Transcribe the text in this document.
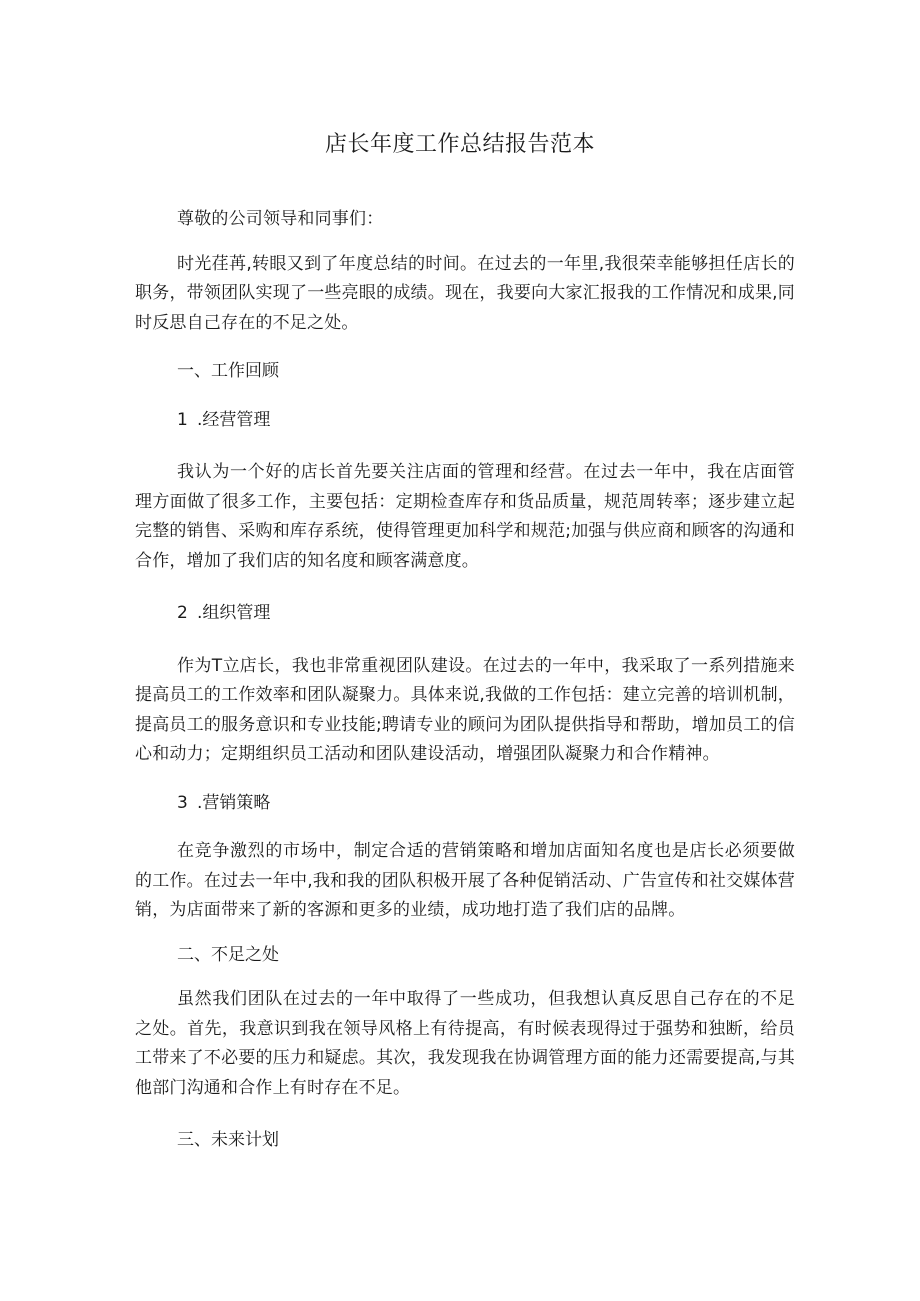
店长年度工作总结报告范本

尊敬的公司领导和同事们：

时光荏苒,转眼又到了年度总结的时间。在过去的一年里,我很荣幸能够担任店长的职务，带领团队实现了一些亮眼的成绩。现在，我要向大家汇报我的工作情况和成果,同时反思自己存在的不足之处。

一、工作回顾

1 .经营管理

我认为一个好的店长首先要关注店面的管理和经营。在过去一年中，我在店面管理方面做了很多工作，主要包括：定期检查库存和货品质量，规范周转率；逐步建立起完整的销售、采购和库存系统，使得管理更加科学和规范;加强与供应商和顾客的沟通和合作，增加了我们店的知名度和顾客满意度。

2 .组织管理

作为T立店长，我也非常重视团队建设。在过去的一年中，我采取了一系列措施来提高员工的工作效率和团队凝聚力。具体来说,我做的工作包括：建立完善的培训机制，提高员工的服务意识和专业技能;聘请专业的顾问为团队提供指导和帮助，增加员工的信心和动力；定期组织员工活动和团队建设活动，增强团队凝聚力和合作精神。

3 .营销策略

在竞争激烈的市场中，制定合适的营销策略和增加店面知名度也是店长必须要做的工作。在过去一年中,我和我的团队积极开展了各种促销活动、广告宣传和社交媒体营销，为店面带来了新的客源和更多的业绩，成功地打造了我们店的品牌。

二、不足之处

虽然我们团队在过去的一年中取得了一些成功，但我想认真反思自己存在的不足之处。首先，我意识到我在领导风格上有待提高，有时候表现得过于强势和独断，给员工带来了不必要的压力和疑虑。其次，我发现我在协调管理方面的能力还需要提高,与其他部门沟通和合作上有时存在不足。

三、未来计划
